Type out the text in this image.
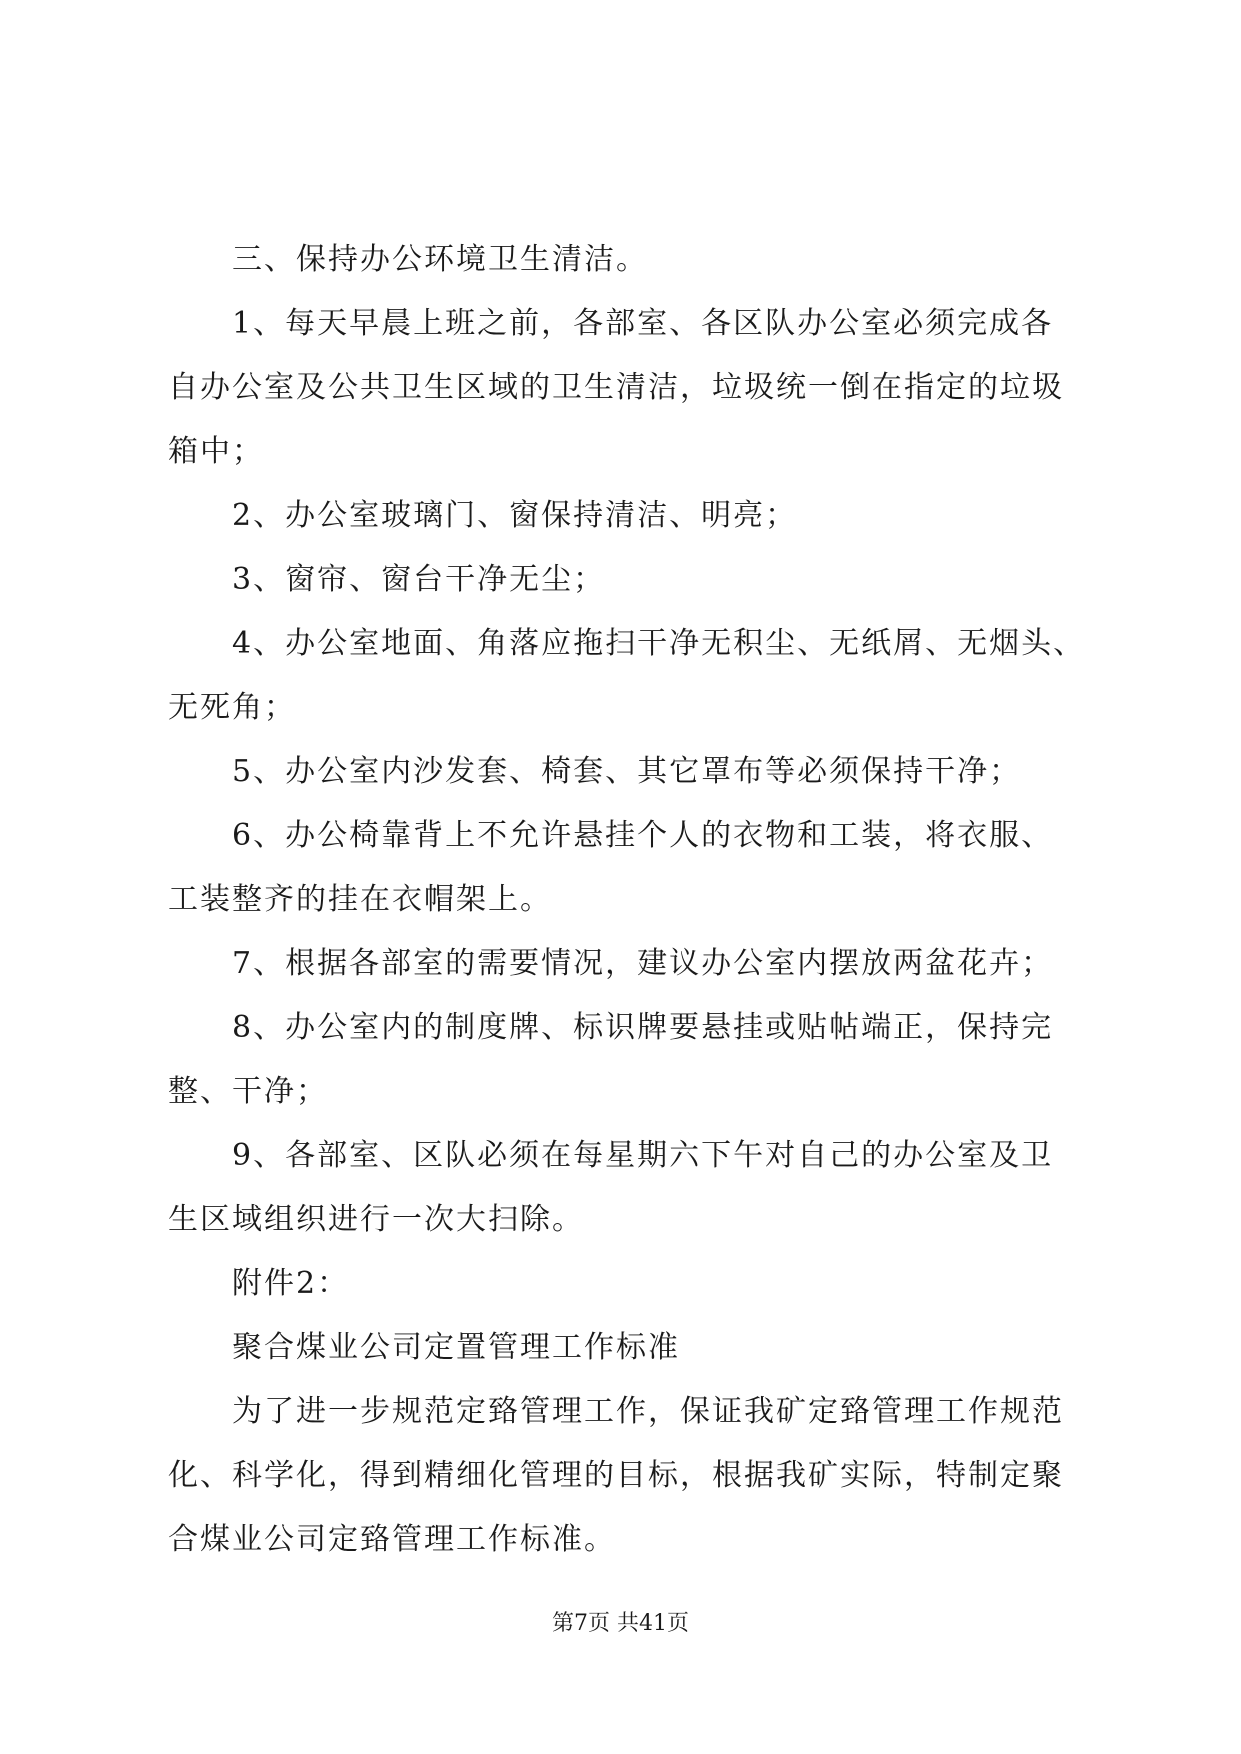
三、保持办公环境卫生清洁。
1、每天早晨上班之前，各部室、各区队办公室必须完成各
自办公室及公共卫生区域的卫生清洁，垃圾统一倒在指定的垃圾
箱中；
2、办公室玻璃门、窗保持清洁、明亮；
3、窗帘、窗台干净无尘；
4、办公室地面、角落应拖扫干净无积尘、无纸屑、无烟头、
无死角；
5、办公室内沙发套、椅套、其它罩布等必须保持干净；
6、办公椅靠背上不允许悬挂个人的衣物和工装，将衣服、
工装整齐的挂在衣帽架上。
7、根据各部室的需要情况，建议办公室内摆放两盆花卉；
8、办公室内的制度牌、标识牌要悬挂或贴帖端正，保持完
整、干净；
9、各部室、区队必须在每星期六下午对自己的办公室及卫
生区域组织进行一次大扫除。
附件2：
聚合煤业公司定置管理工作标准
为了进一步规范定臵管理工作，保证我矿定臵管理工作规范
化、科学化，得到精细化管理的目标，根据我矿实际，特制定聚
合煤业公司定臵管理工作标准。
第7页 共41页
